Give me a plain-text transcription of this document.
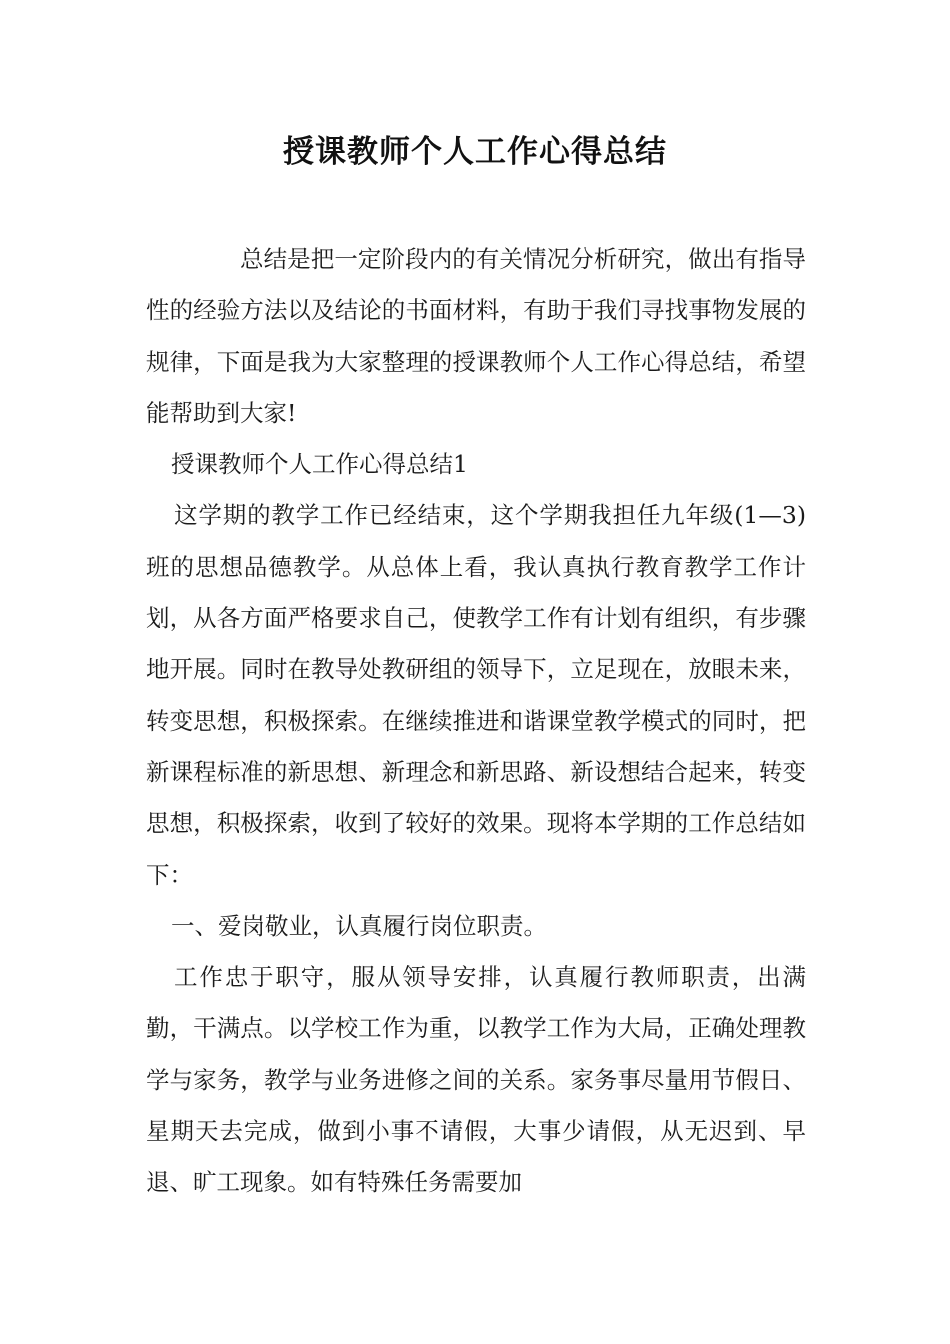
授课教师个人工作心得总结

总结是把一定阶段内的有关情况分析研究，做出有指导性的经验方法以及结论的书面材料，有助于我们寻找事物发展的规律，下面是我为大家整理的授课教师个人工作心得总结，希望能帮助到大家!

授课教师个人工作心得总结1

这学期的教学工作已经结束，这个学期我担任九年级(1—3)班的思想品德教学。从总体上看，我认真执行教育教学工作计划，从各方面严格要求自己，使教学工作有计划有组织，有步骤地开展。同时在教导处教研组的领导下，立足现在，放眼未来，转变思想，积极探索。在继续推进和谐课堂教学模式的同时，把新课程标准的新思想、新理念和新思路、新设想结合起来，转变思想，积极探索，收到了较好的效果。现将本学期的工作总结如下：

一、爱岗敬业，认真履行岗位职责。

工作忠于职守，服从领导安排，认真履行教师职责，出满勤，干满点。以学校工作为重，以教学工作为大局，正确处理教学与家务，教学与业务进修之间的关系。家务事尽量用节假日、星期天去完成，做到小事不请假，大事少请假，从无迟到、早退、旷工现象。如有特殊任务需要加
